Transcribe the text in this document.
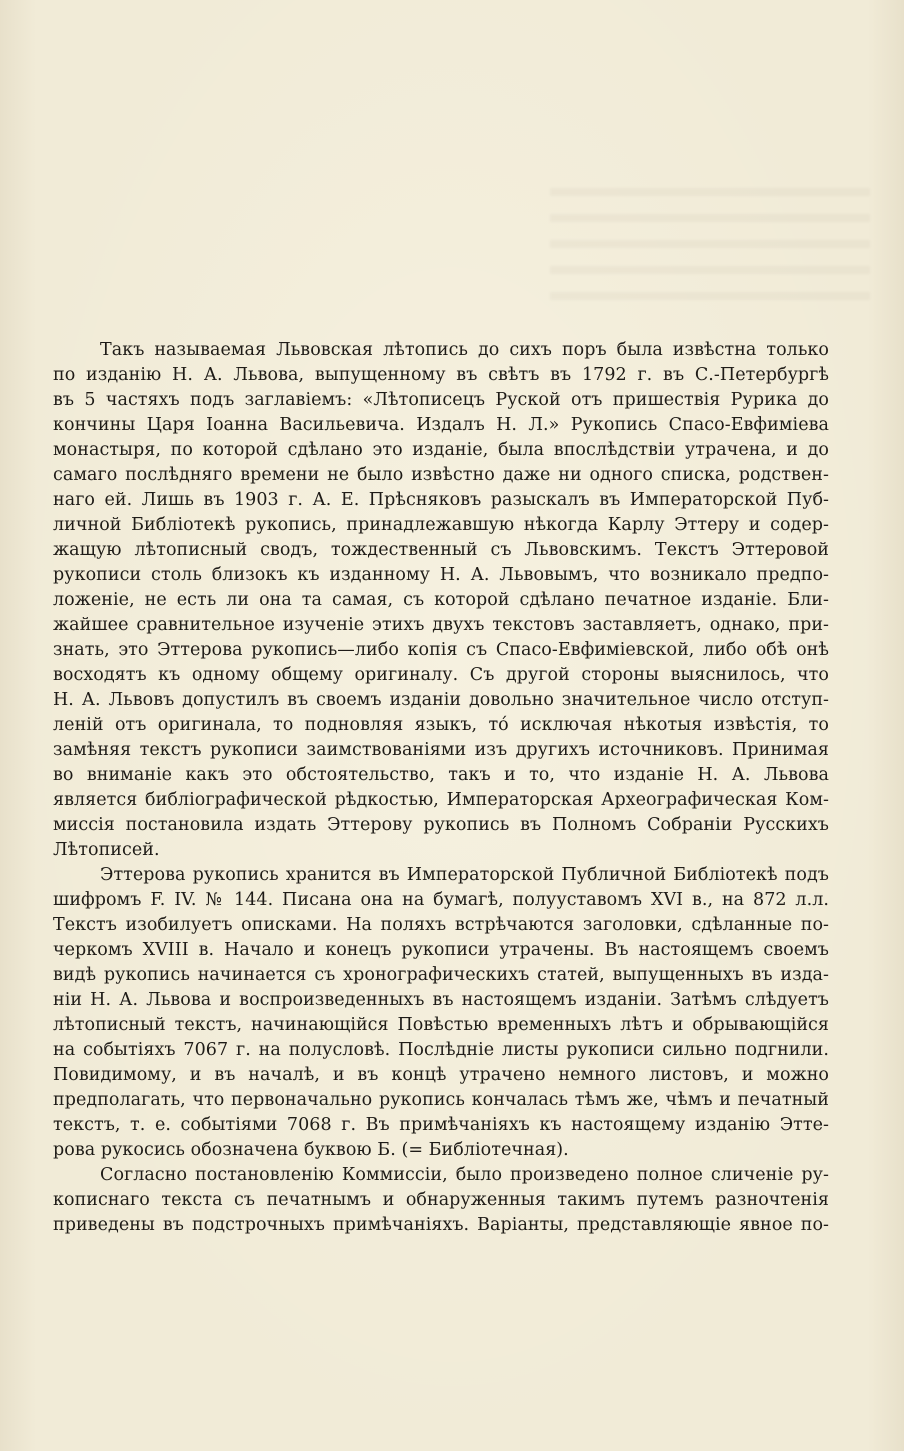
Такъ называемая Львовская лѣтопись до сихъ поръ была извѣстна только
по изданію Н. А. Львова, выпущенному въ свѣтъ въ 1792 г. въ С.-Петербургѣ
въ 5 частяхъ подъ заглавіемъ: «Лѣтописецъ Руской отъ пришествія Рурика до
кончины Царя Іоанна Васильевича. Издалъ Н. Л.» Рукопись Спасо-Евфиміева
монастыря, по которой сдѣлано это изданіе, была впослѣдствіи утрачена, и до
самаго послѣдняго времени не было извѣстно даже ни одного списка, родствен-
наго ей. Лишь въ 1903 г. А. Е. Прѣсняковъ разыскалъ въ Императорской Пуб-
личной Библіотекѣ рукопись, принадлежавшую нѣкогда Карлу Эттеру и содер-
жащую лѣтописный сводъ, тождественный съ Львовскимъ. Текстъ Эттеровой
рукописи столь близокъ къ изданному Н. А. Львовымъ, что возникало предпо-
ложеніе, не есть ли она та самая, съ которой сдѣлано печатное изданіе. Бли-
жайшее сравнительное изученіе этихъ двухъ текстовъ заставляетъ, однако, при-
знать, это Эттерова рукопись—либо копія съ Спасо-Евфиміевской, либо обѣ онѣ
восходятъ къ одному общему оригиналу. Съ другой стороны выяснилось, что
Н. А. Львовъ допустилъ въ своемъ изданіи довольно значительное число отступ-
леній отъ оригинала, то подновляя языкъ, то́ исключая нѣкотыя извѣстія, то
замѣняя текстъ рукописи заимствованіями изъ другихъ источниковъ. Принимая
во вниманіе какъ это обстоятельство, такъ и то, что изданіе Н. А. Львова
является библіографической рѣдкостью, Императорская Археографическая Ком-
миссія постановила издать Эттерову рукопись въ Полномъ Собраніи Русскихъ
Лѣтописей.
Эттерова рукопись хранится въ Императорской Публичной Библіотекѣ подъ
шифромъ F. IV. № 144. Писана она на бумагѣ, полууставомъ XVI в., на 872 л.л.
Текстъ изобилуетъ описками. На поляхъ встрѣчаются заголовки, сдѣланные по-
черкомъ XVIII в. Начало и конецъ рукописи утрачены. Въ настоящемъ своемъ
видѣ рукопись начинается съ хронографическихъ статей, выпущенныхъ въ изда-
ніи Н. А. Львова и воспроизведенныхъ въ настоящемъ изданіи. Затѣмъ слѣдуетъ
лѣтописный текстъ, начинающійся Повѣстью временныхъ лѣтъ и обрывающійся
на событіяхъ 7067 г. на полусловѣ. Послѣдніе листы рукописи сильно подгнили.
Повидимому, и въ началѣ, и въ концѣ утрачено немного листовъ, и можно
предполагать, что первоначально рукопись кончалась тѣмъ же, чѣмъ и печатный
текстъ, т. е. событіями 7068 г. Въ примѣчаніяхъ къ настоящему изданію Этте-
рова рукосись обозначена буквою Б. (= Библіотечная).
Согласно постановленію Коммиссіи, было произведено полное сличеніе ру-
кописнаго текста съ печатнымъ и обнаруженныя такимъ путемъ разночтенія
приведены въ подстрочныхъ примѣчаніяхъ. Варіанты, представляющіе явное по-
